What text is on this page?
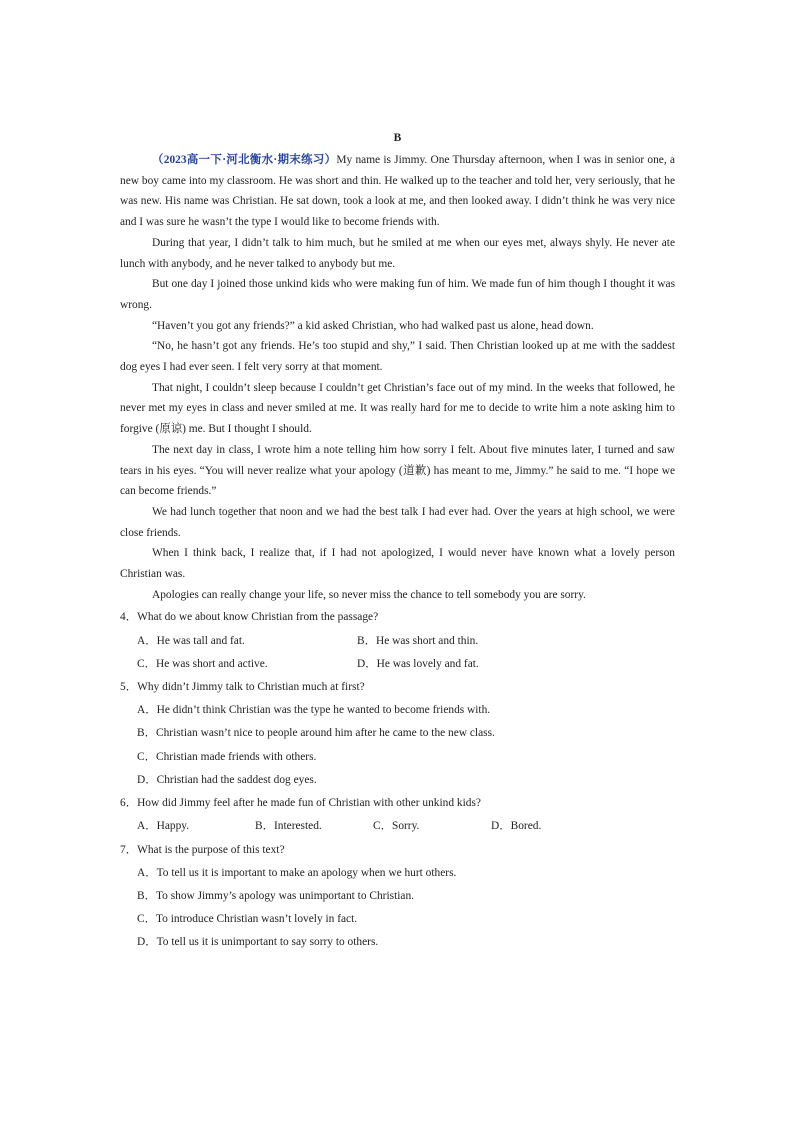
B

（2023高一下·河北衡水·期末练习）My name is Jimmy. One Thursday afternoon, when I was in senior one, a new boy came into my classroom. He was short and thin. He walked up to the teacher and told her, very seriously, that he was new. His name was Christian. He sat down, took a look at me, and then looked away. I didn’t think he was very nice and I was sure he wasn’t the type I would like to become friends with.

During that year, I didn’t talk to him much, but he smiled at me when our eyes met, always shyly. He never ate lunch with anybody, and he never talked to anybody but me.

But one day I joined those unkind kids who were making fun of him. We made fun of him though I thought it was wrong.

“Haven’t you got any friends?” a kid asked Christian, who had walked past us alone, head down.

“No, he hasn’t got any friends. He’s too stupid and shy,” I said. Then Christian looked up at me with the saddest dog eyes I had ever seen. I felt very sorry at that moment.

That night, I couldn’t sleep because I couldn’t get Christian’s face out of my mind. In the weeks that followed, he never met my eyes in class and never smiled at me. It was really hard for me to decide to write him a note asking him to forgive (原谅) me. But I thought I should.

The next day in class, I wrote him a note telling him how sorry I felt. About five minutes later, I turned and saw tears in his eyes. “You will never realize what your apology (道歉) has meant to me, Jimmy.” he said to me. “I hope we can become friends.”

We had lunch together that noon and we had the best talk I had ever had. Over the years at high school, we were close friends.

When I think back, I realize that, if I had not apologized, I would never have known what a lovely person Christian was.

Apologies can really change your life, so never miss the chance to tell somebody you are sorry.

4．What do we about know Christian from the passage?

A．He was tall and fat.	B．He was short and thin.
C．He was short and active.	D．He was lovely and fat.

5．Why didn’t Jimmy talk to Christian much at first?

A．He didn’t think Christian was the type he wanted to become friends with.

B．Christian wasn’t nice to people around him after he came to the new class.

C．Christian made friends with others.

D．Christian had the saddest dog eyes.

6．How did Jimmy feel after he made fun of Christian with other unkind kids?

A．Happy.	B．Interested.	C．Sorry.	D．Bored.

7．What is the purpose of this text?

A．To tell us it is important to make an apology when we hurt others.

B．To show Jimmy’s apology was unimportant to Christian.

C．To introduce Christian wasn’t lovely in fact.

D．To tell us it is unimportant to say sorry to others.
